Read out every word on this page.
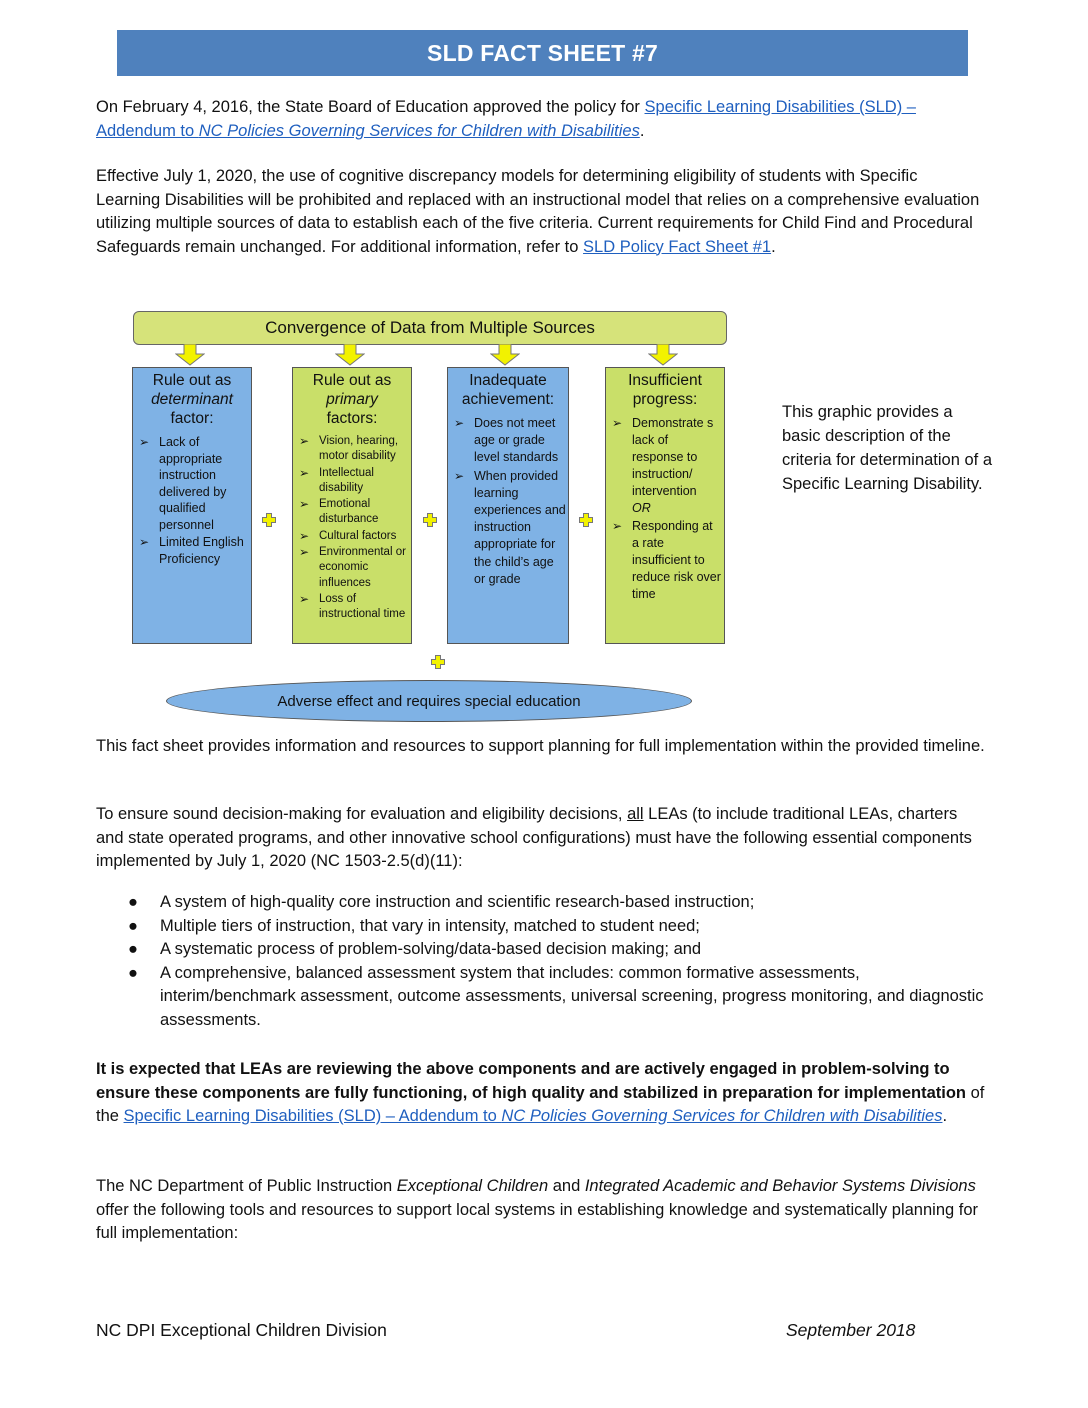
SLD FACT SHEET #7
On February 4, 2016, the State Board of Education approved the policy for Specific Learning Disabilities (SLD) – Addendum to NC Policies Governing Services for Children with Disabilities.
Effective July 1, 2020, the use of cognitive discrepancy models for determining eligibility of students with Specific Learning Disabilities will be prohibited and replaced with an instructional model that relies on a comprehensive evaluation utilizing multiple sources of data to establish each of the five criteria. Current requirements for Child Find and Procedural Safeguards remain unchanged. For additional information, refer to SLD Policy Fact Sheet #1.
Convergence of Data from Multiple Sources
Rule out as
determinant
factor:
➢ Lack of appropriate instruction delivered by qualified personnel
➢ Limited English Proficiency
Rule out as
primary
factors:
➢ Vision, hearing, motor disability
➢ Intellectual disability
➢ Emotional disturbance
➢ Cultural factors
➢ Environmental or economic influences
➢ Loss of instructional time
Inadequate
achievement:
➢ Does not meet age or grade level standards
➢ When provided learning experiences and instruction appropriate for the child’s age or grade
Insufficient
progress:
➢ Demonstrate s lack of response to instruction/ intervention
OR
➢ Responding at a rate insufficient to reduce risk over time
Adverse effect and requires special education
This graphic provides a basic description of the criteria for determination of a Specific Learning Disability.
This fact sheet provides information and resources to support planning for full implementation within the provided timeline.
To ensure sound decision-making for evaluation and eligibility decisions, all LEAs (to include traditional LEAs, charters and state operated programs, and other innovative school configurations) must have the following essential components implemented by July 1, 2020 (NC 1503-2.5(d)(11):
● A system of high-quality core instruction and scientific research-based instruction;
● Multiple tiers of instruction, that vary in intensity, matched to student need;
● A systematic process of problem-solving/data-based decision making; and
● A comprehensive, balanced assessment system that includes: common formative assessments, interim/benchmark assessment, outcome assessments, universal screening, progress monitoring, and diagnostic assessments.
It is expected that LEAs are reviewing the above components and are actively engaged in problem-solving to ensure these components are fully functioning, of high quality and stabilized in preparation for implementation of the Specific Learning Disabilities (SLD) – Addendum to NC Policies Governing Services for Children with Disabilities.
The NC Department of Public Instruction Exceptional Children and Integrated Academic and Behavior Systems Divisions offer the following tools and resources to support local systems in establishing knowledge and systematically planning for full implementation:
NC DPI Exceptional Children Division	September 2018
